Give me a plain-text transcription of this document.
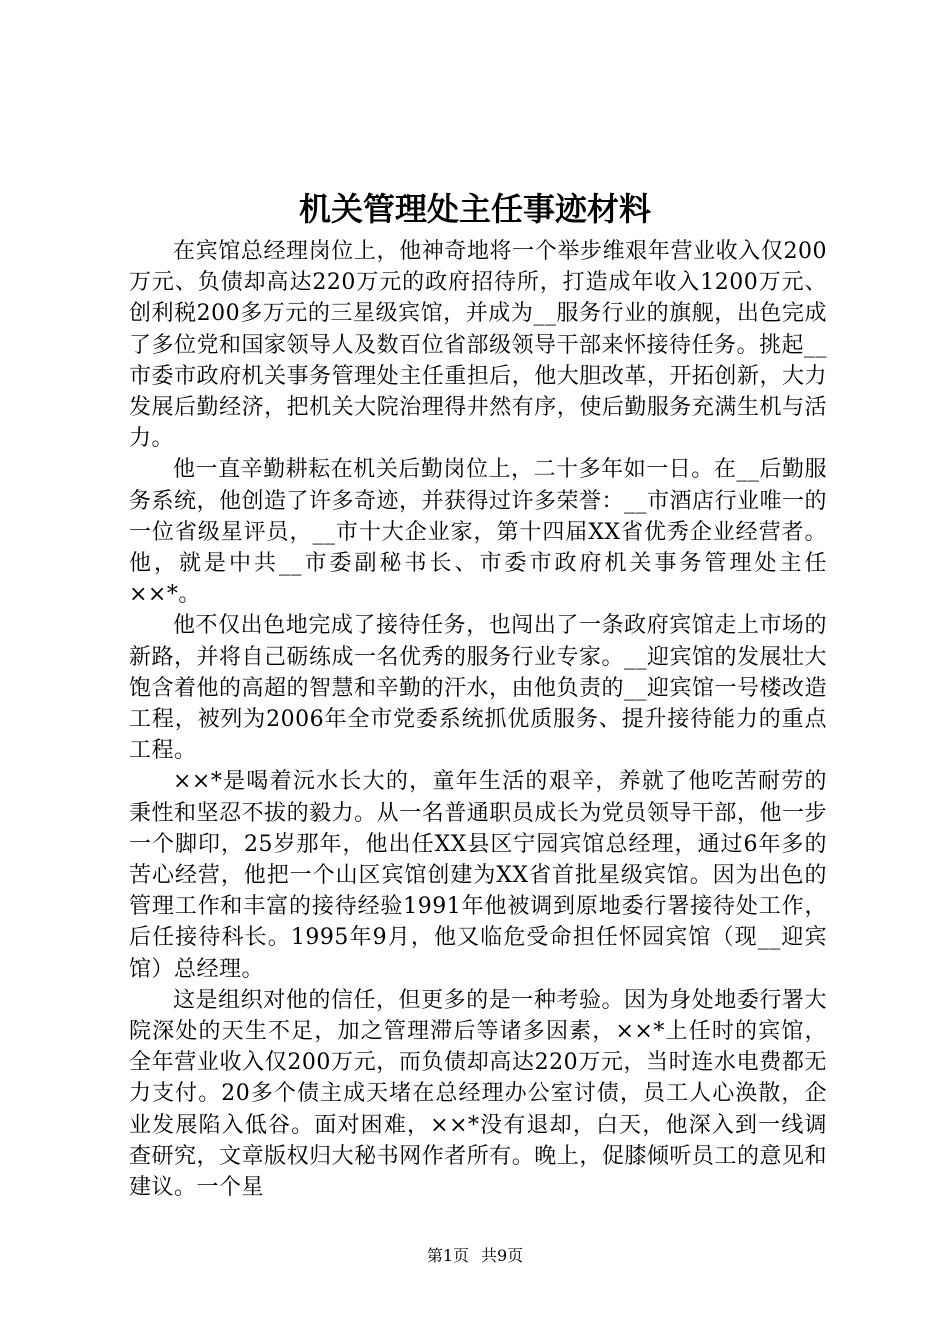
机关管理处主任事迹材料

在宾馆总经理岗位上，他神奇地将一个举步维艰年营业收入仅200万元、负债却高达220万元的政府招待所，打造成年收入1200万元、创利税200多万元的三星级宾馆，并成为__服务行业的旗舰，出色完成了多位党和国家领导人及数百位省部级领导干部来怀接待任务。挑起__市委市政府机关事务管理处主任重担后，他大胆改革，开拓创新，大力发展后勤经济，把机关大院治理得井然有序，使后勤服务充满生机与活力。

他一直辛勤耕耘在机关后勤岗位上，二十多年如一日。在__后勤服务系统，他创造了许多奇迹，并获得过许多荣誉：__市酒店行业唯一的一位省级星评员，__市十大企业家，第十四届XX省优秀企业经营者。他，就是中共__市委副秘书长、市委市政府机关事务管理处主任××*。

他不仅出色地完成了接待任务，也闯出了一条政府宾馆走上市场的新路，并将自己砺练成一名优秀的服务行业专家。__迎宾馆的发展壮大饱含着他的高超的智慧和辛勤的汗水，由他负责的__迎宾馆一号楼改造工程，被列为2006年全市党委系统抓优质服务、提升接待能力的重点工程。

××*是喝着沅水长大的，童年生活的艰辛，养就了他吃苦耐劳的秉性和坚忍不拔的毅力。从一名普通职员成长为党员领导干部，他一步一个脚印，25岁那年，他出任XX县区宁园宾馆总经理，通过6年多的苦心经营，他把一个山区宾馆创建为XX省首批星级宾馆。因为出色的管理工作和丰富的接待经验1991年他被调到原地委行署接待处工作，后任接待科长。1995年9月，他又临危受命担任怀园宾馆（现__迎宾馆）总经理。

这是组织对他的信任，但更多的是一种考验。因为身处地委行署大院深处的天生不足，加之管理滞后等诸多因素，××*上任时的宾馆，全年营业收入仅200万元，而负债却高达220万元，当时连水电费都无力支付。20多个债主成天堵在总经理办公室讨债，员工人心涣散，企业发展陷入低谷。面对困难，××*没有退却，白天，他深入到一线调查研究，文章版权归大秘书网作者所有。晚上，促膝倾听员工的意见和建议。一个星

第1页 共9页
